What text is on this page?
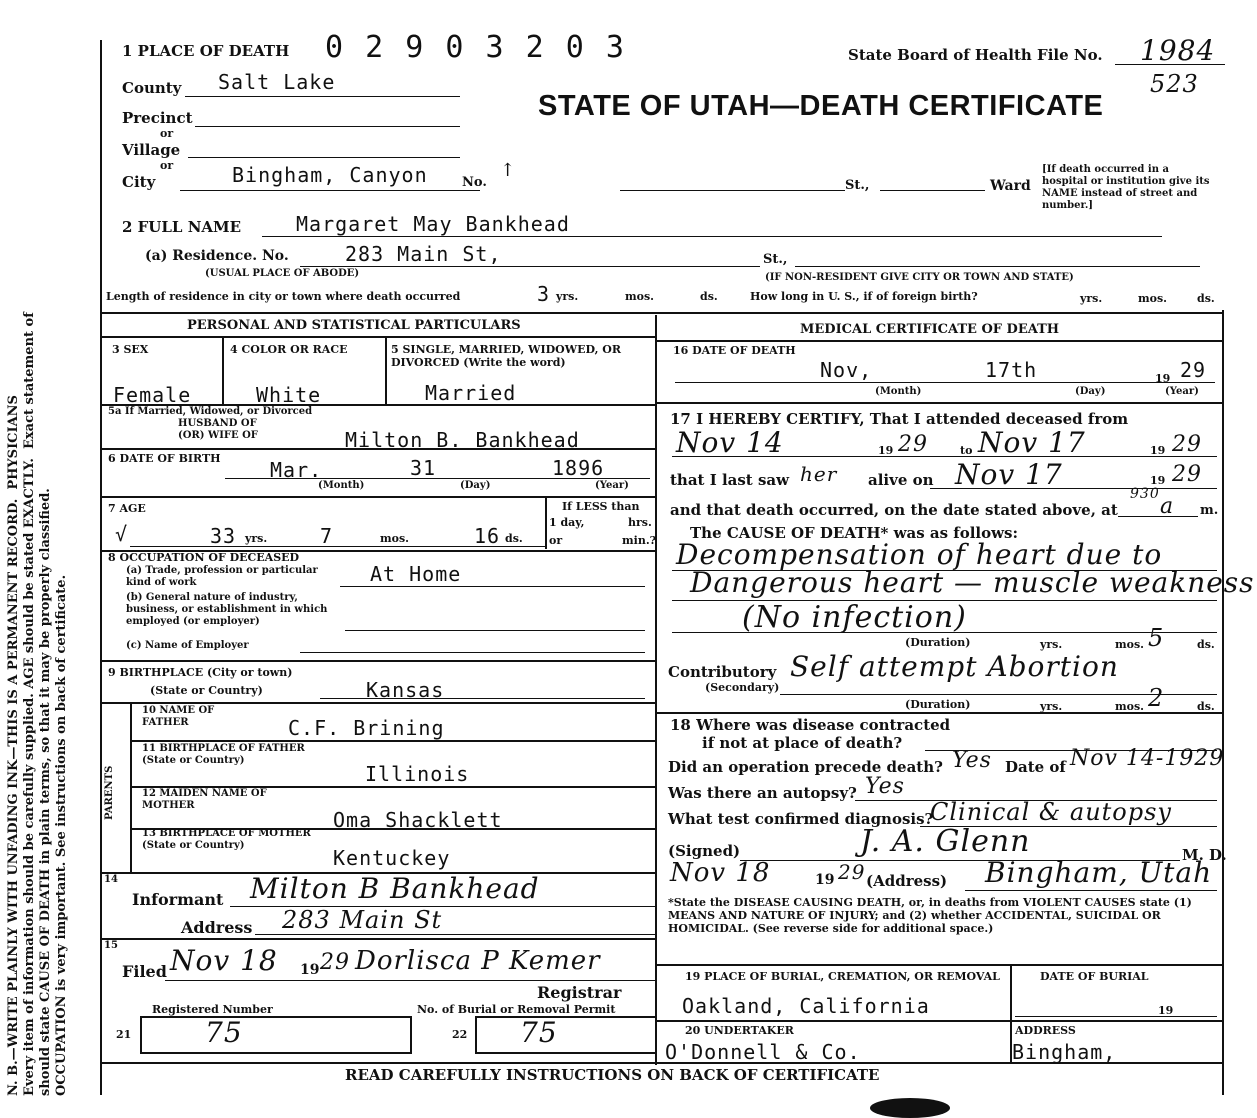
N. B.—WRITE PLAINLY WITH UNFADING INK—THIS IS A PERMANENT RECORD.  PHYSICIANS
Every item of information should be carefully supplied. AGE should be stated EXACTLY.  Exact statement of
should state CAUSE OF DEATH in plain terms, so that it may be properly classified. OCCUPATION is very important. See instructions on back of certificate.
1 PLACE OF DEATH 0 2 9 0 3 2 0 3	State Board of Health File No. 1984
523
STATE OF UTAH—DEATH CERTIFICATE
County Salt Lake
Precinct
or
Village
or
City	Bingham, Canyon	No.
↑
St.,	Ward
[If death occurred in a hospital or institution give its NAME instead of street and number.]
2 FULL NAME	Margaret May Bankhead
(a) Residence. No.	283 Main St,	St.,
(USUAL PLACE OF ABODE)	(IF NON-RESIDENT GIVE CITY OR TOWN AND STATE)
Length of residence in city or town where death occurred	3 yrs.	mos.	ds.	How long in U. S., if of foreign birth?	yrs.	mos.	ds.
PERSONAL AND STATISTICAL PARTICULARS
3 SEX	4 COLOR OR RACE	5 SINGLE, MARRIED, WIDOWED, OR DIVORCED (Write the word)
Female	White	Married
5a If Married, Widowed, or Divorced
HUSBAND OF
(OR) WIFE OF	Milton B. Bankhead
6 DATE OF BIRTH Mar.	31	1896
(Month)	(Day)	(Year)
7 AGE
√	33 yrs.	7	mos.	16 ds.
If LESS than
1 day,	hrs.
or	min.?
8 OCCUPATION OF DECEASED
(a) Trade, profession or particular kind of work	At Home
(b) General nature of industry, business, or establishment in which employed (or employer)
(c) Name of Employer
9 BIRTHPLACE (City or town)
(State or Country)	Kansas
PARENTS
10 NAME OF FATHER	C.F. Brining
11 BIRTHPLACE OF FATHER (State or Country)
Illinois
12 MAIDEN NAME OF MOTHER
Oma Shacklett
13 BIRTHPLACE OF MOTHER (State or Country)
Kentuckey
14
Informant Milton B Bankhead
Address 283 Main St
15
Filed Nov 18 19 29 Dorlisca P Kemer
Registrar
Registered Number	No. of Burial or Removal Permit
21	75	22 75
MEDICAL CERTIFICATE OF DEATH
16 DATE OF DEATH
Nov,	17th	19 29
(Month)	(Day)	(Year)
17 I HEREBY CERTIFY, That I attended deceased from
Nov 14	19 29	to Nov 17	19 29
that I last saw her alive on Nov 17	19 29
and that death occurred, on the date stated above, at
930 a m.
The CAUSE OF DEATH* was as follows:
Decompensation of heart due to
Dangerous heart — muscle weakness
(No infection)
(Duration)	yrs.	mos. 5	ds.
Contributory
(Secondary)
Self attempt Abortion
(Duration)	yrs.	mos. 2	ds.
18 Where was disease contracted
if not at place of death?
Did an operation precede death? Yes Date of Nov 14-1929
Was there an autopsy? Yes
What test confirmed diagnosis?
Clinical & autopsy
(Signed)	J. A. Glenn	M. D.
Nov 18	19 29 (Address) Bingham, Utah
*State the DISEASE CAUSING DEATH, or, in deaths from VIOLENT CAUSES state (1) MEANS AND NATURE OF INJURY; and (2) whether ACCIDENTAL, SUICIDAL OR HOMICIDAL. (See reverse side for additional space.)
19 PLACE OF BURIAL, CREMATION, OR REMOVAL
Oakland, California
DATE OF BURIAL
19
20 UNDERTAKER
O'Donnell & Co.
ADDRESS
Bingham,
READ CAREFULLY INSTRUCTIONS ON BACK OF CERTIFICATE
